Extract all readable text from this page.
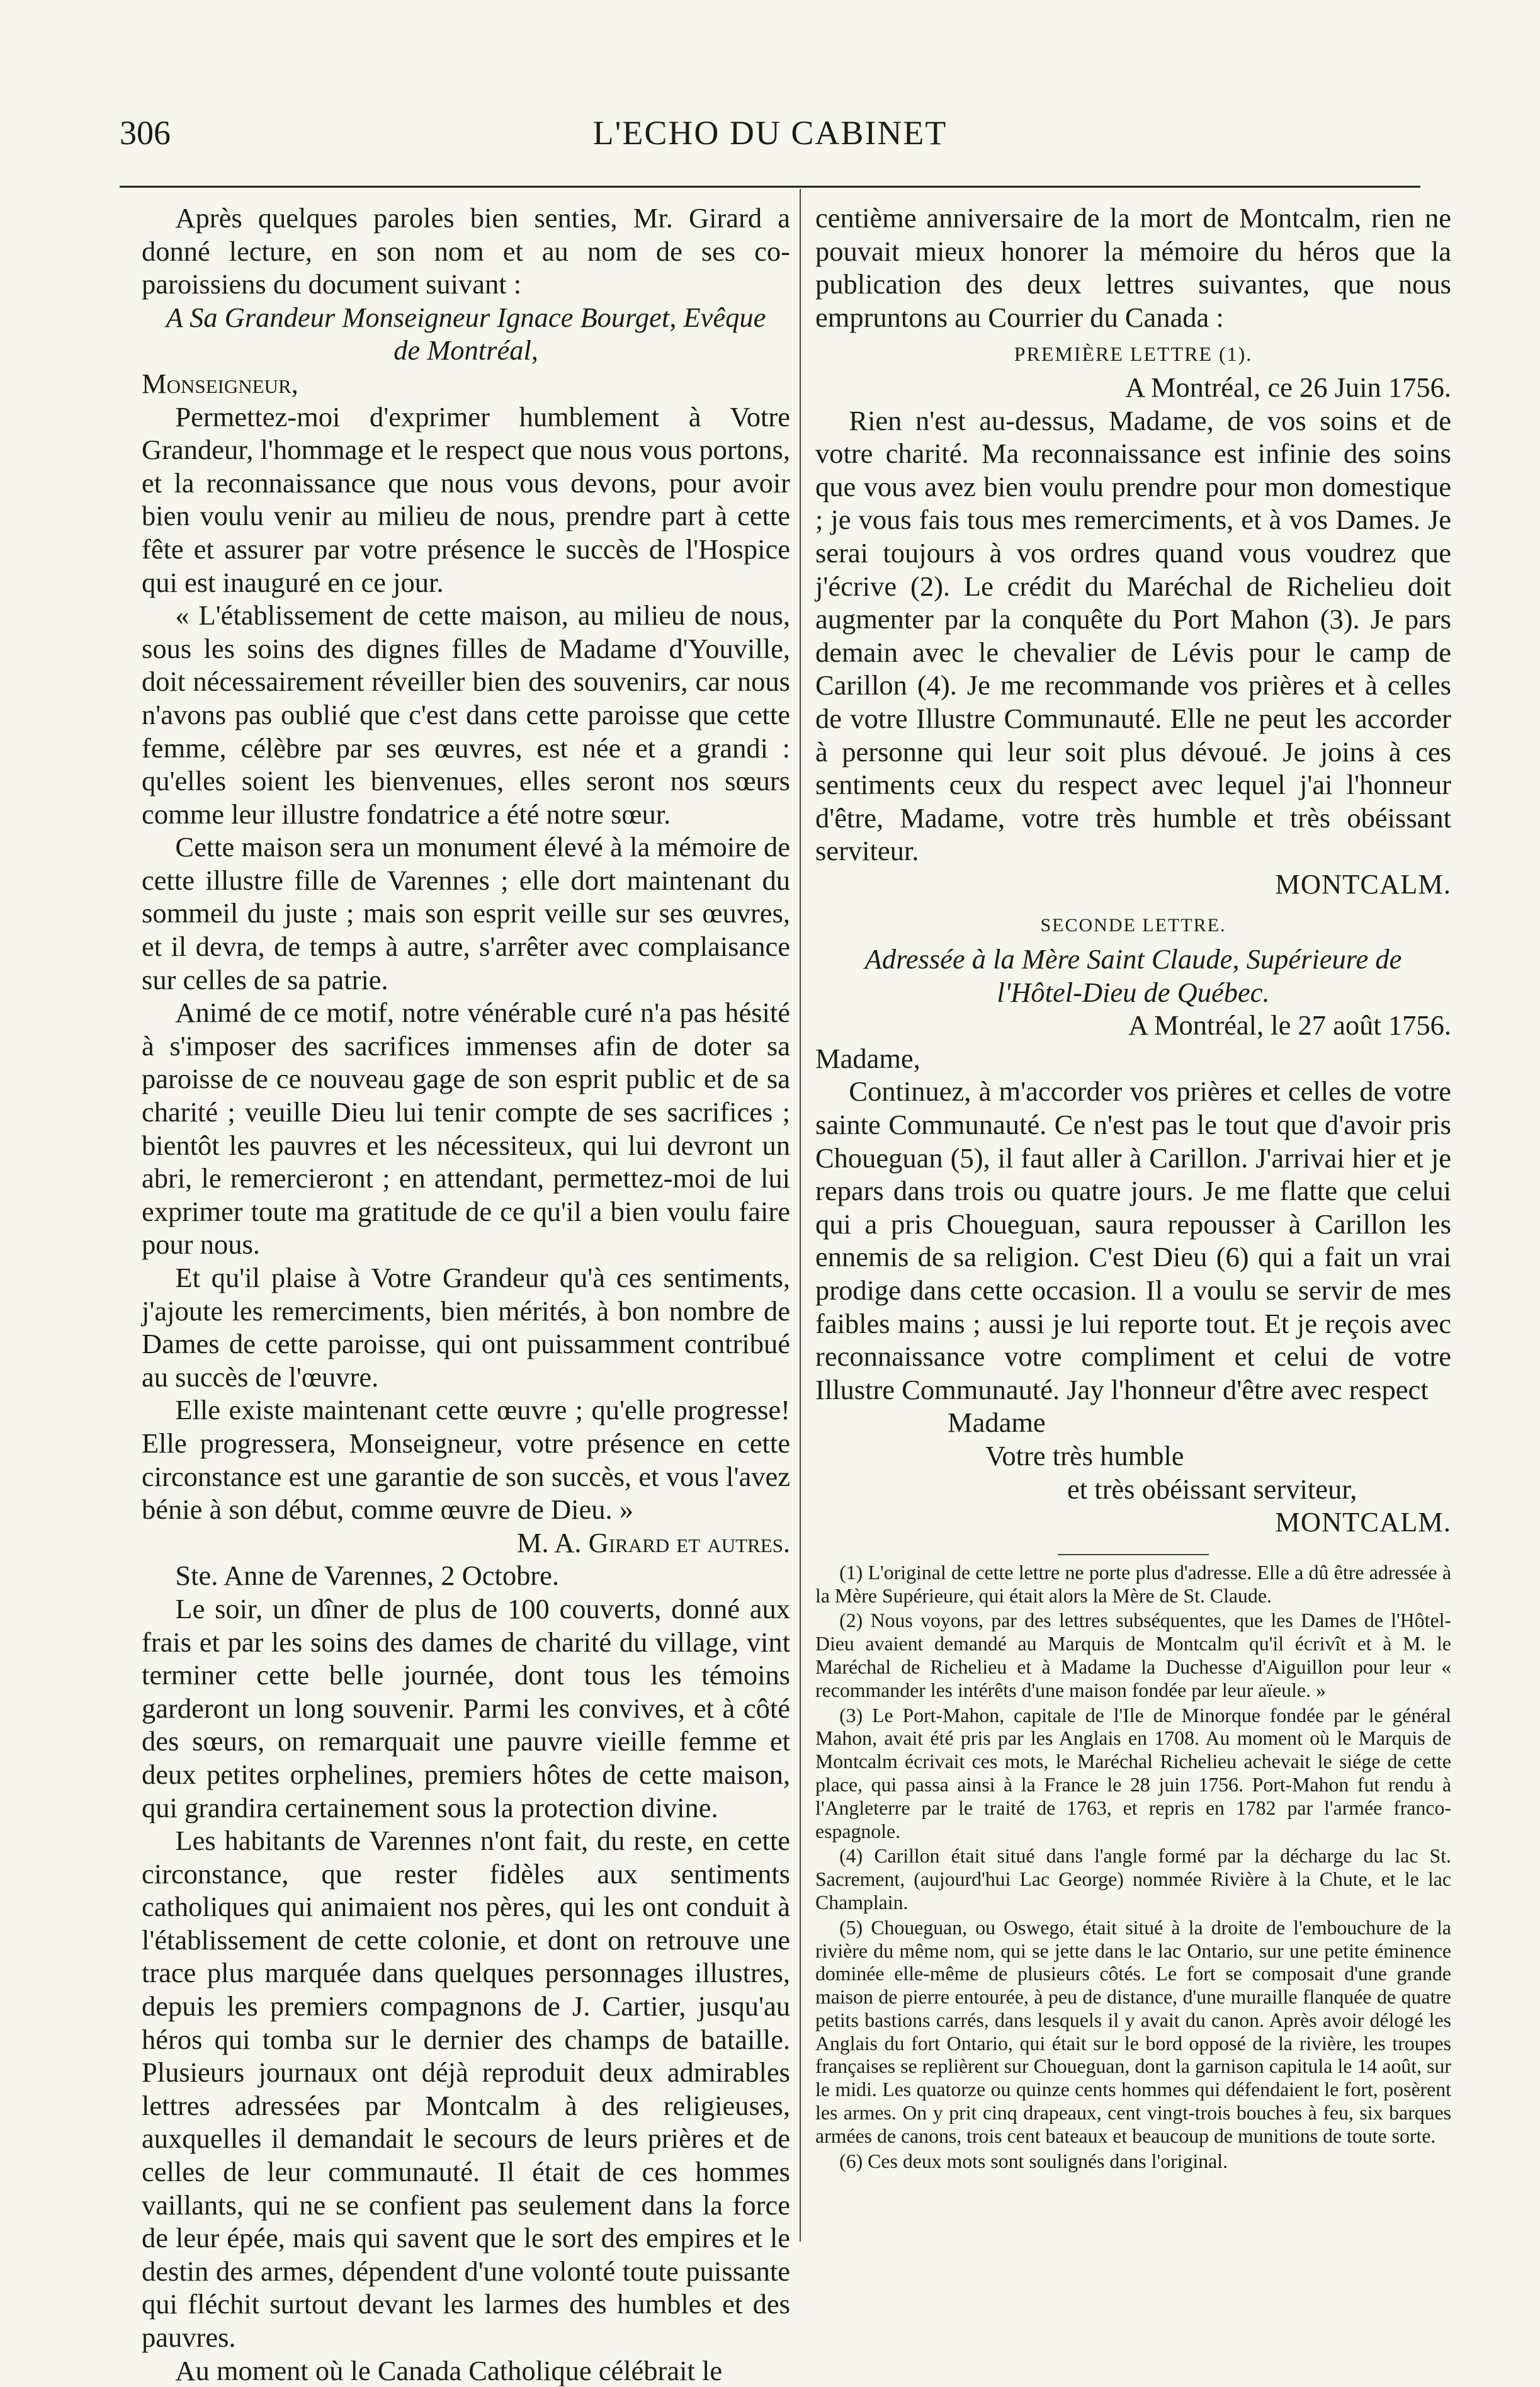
306	L'ECHO DU CABINET

Après quelques paroles bien senties, Mr. Girard a donné lecture, en son nom et au nom de ses co-paroissiens du document suivant :

A Sa Grandeur Monseigneur Ignace Bourget, Evêque

de Montréal,

Monseigneur,

Permettez-moi d'exprimer humblement à Votre Grandeur, l'hommage et le respect que nous vous portons, et la reconnaissance que nous vous devons, pour avoir bien voulu venir au milieu de nous, prendre part à cette fête et assurer par votre présence le succès de l'Hospice qui est inauguré en ce jour.

« L'établissement de cette maison, au milieu de nous, sous les soins des dignes filles de Madame d'Youville, doit nécessairement réveiller bien des souvenirs, car nous n'avons pas oublié que c'est dans cette paroisse que cette femme, célèbre par ses œuvres, est née et a grandi : qu'elles soient les bienvenues, elles seront nos sœurs comme leur illustre fondatrice a été notre sœur.

Cette maison sera un monument élevé à la mémoire de cette illustre fille de Varennes ; elle dort maintenant du sommeil du juste ; mais son esprit veille sur ses œuvres, et il devra, de temps à autre, s'arrêter avec complaisance sur celles de sa patrie.

Animé de ce motif, notre vénérable curé n'a pas hésité à s'imposer des sacrifices immenses afin de doter sa paroisse de ce nouveau gage de son esprit public et de sa charité ; veuille Dieu lui tenir compte de ses sacrifices ; bientôt les pauvres et les nécessiteux, qui lui devront un abri, le remercieront ; en attendant, permettez-moi de lui exprimer toute ma gratitude de ce qu'il a bien voulu faire pour nous.

Et qu'il plaise à Votre Grandeur qu'à ces sentiments, j'ajoute les remerciments, bien mérités, à bon nombre de Dames de cette paroisse, qui ont puissamment contribué au succès de l'œuvre.

Elle existe maintenant cette œuvre ; qu'elle progresse! Elle progressera, Monseigneur, votre présence en cette circonstance est une garantie de son succès, et vous l'avez bénie à son début, comme œuvre de Dieu. »

M. A. Girard et autres.

Ste. Anne de Varennes, 2 Octobre.

Le soir, un dîner de plus de 100 couverts, donné aux frais et par les soins des dames de charité du village, vint terminer cette belle journée, dont tous les témoins garderont un long souvenir. Parmi les convives, et à côté des sœurs, on remarquait une pauvre vieille femme et deux petites orphelines, premiers hôtes de cette maison, qui grandira certainement sous la protection divine.

Les habitants de Varennes n'ont fait, du reste, en cette circonstance, que rester fidèles aux sentiments catholiques qui animaient nos pères, qui les ont conduit à l'établissement de cette colonie, et dont on retrouve une trace plus marquée dans quelques personnages illustres, depuis les premiers compagnons de J. Cartier, jusqu'au héros qui tomba sur le dernier des champs de bataille. Plusieurs journaux ont déjà reproduit deux admirables lettres adressées par Montcalm à des religieuses, auxquelles il demandait le secours de leurs prières et de celles de leur communauté. Il était de ces hommes vaillants, qui ne se confient pas seulement dans la force de leur épée, mais qui savent que le sort des empires et le destin des armes, dépendent d'une volonté toute puissante qui fléchit surtout devant les larmes des humbles et des pauvres.

Au moment où le Canada Catholique célébrait le

centième anniversaire de la mort de Montcalm, rien ne pouvait mieux honorer la mémoire du héros que la publication des deux lettres suivantes, que nous empruntons au Courrier du Canada :

PREMIÈRE LETTRE (1).

A Montréal, ce 26 Juin 1756.

Rien n'est au-dessus, Madame, de vos soins et de votre charité. Ma reconnaissance est infinie des soins que vous avez bien voulu prendre pour mon domestique ; je vous fais tous mes remerciments, et à vos Dames. Je serai toujours à vos ordres quand vous voudrez que j'écrive (2). Le crédit du Maréchal de Richelieu doit augmenter par la conquête du Port Mahon (3). Je pars demain avec le chevalier de Lévis pour le camp de Carillon (4). Je me recommande vos prières et à celles de votre Illustre Communauté. Elle ne peut les accorder à personne qui leur soit plus dévoué. Je joins à ces sentiments ceux du respect avec lequel j'ai l'honneur d'être, Madame, votre très humble et très obéissant serviteur.

MONTCALM.

SECONDE LETTRE.

Adressée à la Mère Saint Claude, Supérieure de

l'Hôtel-Dieu de Québec.

A Montréal, le 27 août 1756.

Madame,

Continuez, à m'accorder vos prières et celles de votre sainte Communauté. Ce n'est pas le tout que d'avoir pris Choueguan (5), il faut aller à Carillon. J'arrivai hier et je repars dans trois ou quatre jours. Je me flatte que celui qui a pris Choueguan, saura repousser à Carillon les ennemis de sa religion. C'est Dieu (6) qui a fait un vrai prodige dans cette occasion. Il a voulu se servir de mes faibles mains ; aussi je lui reporte tout. Et je reçois avec reconnaissance votre compliment et celui de votre Illustre Communauté. Jay l'honneur d'être avec respect

Madame

Votre très humble

et très obéissant serviteur,

MONTCALM.

(1) L'original de cette lettre ne porte plus d'adresse. Elle a dû être adressée à la Mère Supérieure, qui était alors la Mère de St. Claude.

(2) Nous voyons, par des lettres subséquentes, que les Dames de l'Hôtel-Dieu avaient demandé au Marquis de Montcalm qu'il écrivît et à M. le Maréchal de Richelieu et à Madame la Duchesse d'Aiguillon pour leur « recommander les intérêts d'une maison fondée par leur aïeule. »

(3) Le Port-Mahon, capitale de l'Ile de Minorque fondée par le général Mahon, avait été pris par les Anglais en 1708. Au moment où le Marquis de Montcalm écrivait ces mots, le Maréchal Richelieu achevait le siége de cette place, qui passa ainsi à la France le 28 juin 1756. Port-Mahon fut rendu à l'Angleterre par le traité de 1763, et repris en 1782 par l'armée franco-espagnole.

(4) Carillon était situé dans l'angle formé par la décharge du lac St. Sacrement, (aujourd'hui Lac George) nommée Rivière à la Chute, et le lac Champlain.

(5) Choueguan, ou Oswego, était situé à la droite de l'embouchure de la rivière du même nom, qui se jette dans le lac Ontario, sur une petite éminence dominée elle-même de plusieurs côtés. Le fort se composait d'une grande maison de pierre entourée, à peu de distance, d'une muraille flanquée de quatre petits bastions carrés, dans lesquels il y avait du canon. Après avoir délogé les Anglais du fort Ontario, qui était sur le bord opposé de la rivière, les troupes françaises se replièrent sur Choueguan, dont la garnison capitula le 14 août, sur le midi. Les quatorze ou quinze cents hommes qui défendaient le fort, posèrent les armes. On y prit cinq drapeaux, cent vingt-trois bouches à feu, six barques armées de canons, trois cent bateaux et beaucoup de munitions de toute sorte.

(6) Ces deux mots sont soulignés dans l'original.
